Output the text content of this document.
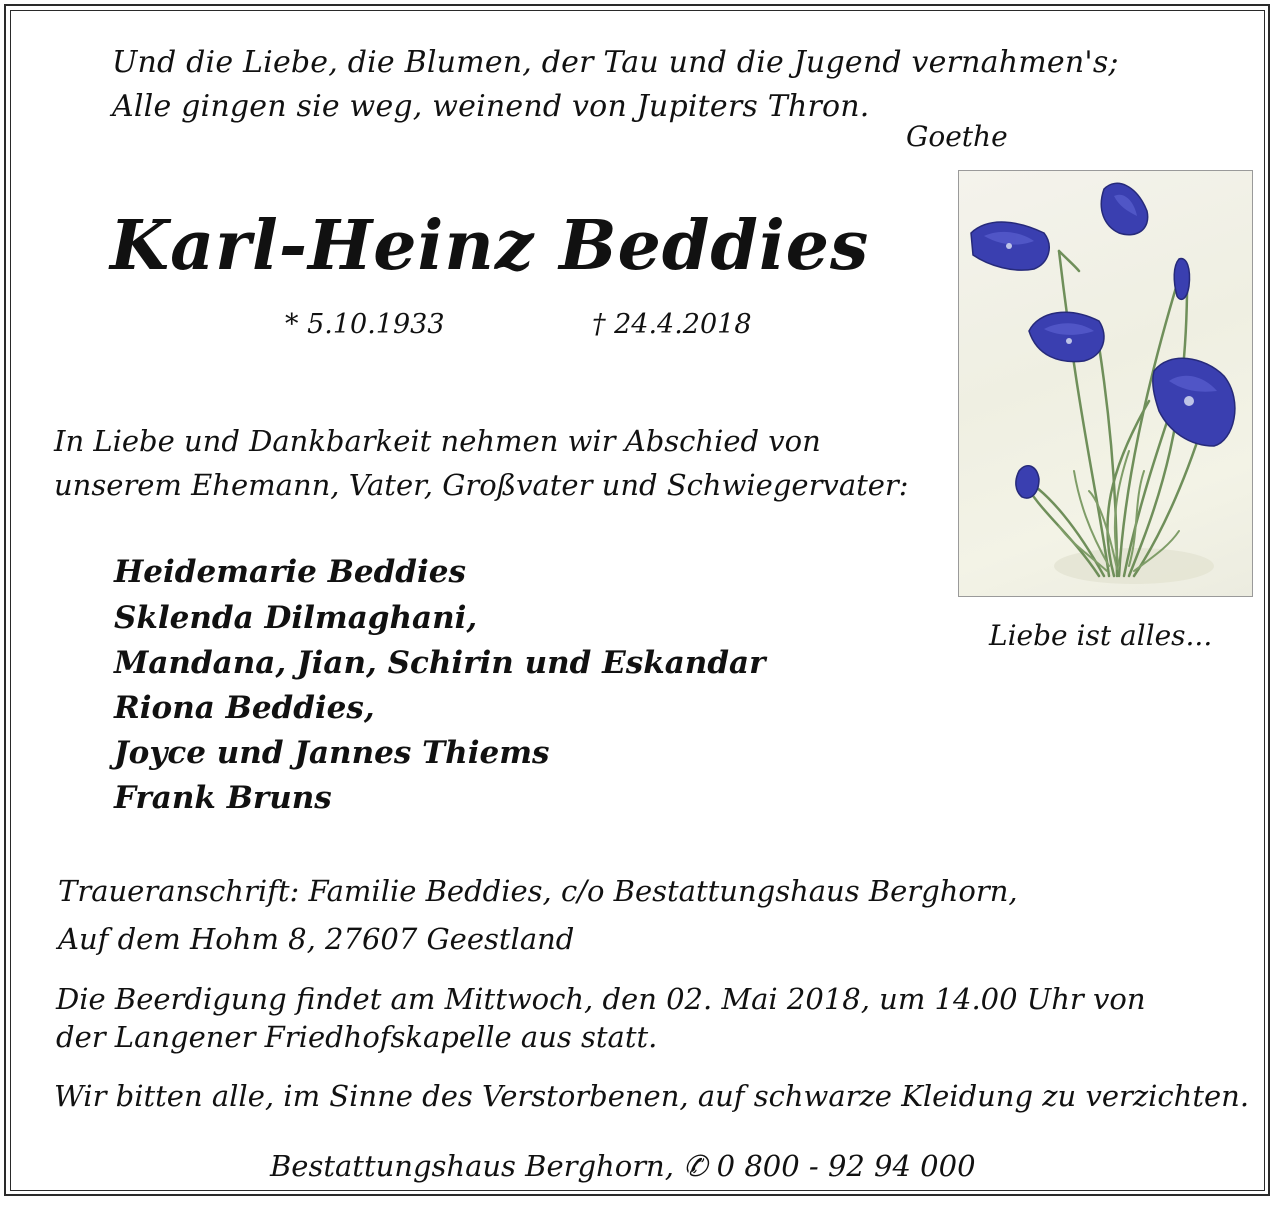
Und die Liebe, die Blumen, der Tau und die Jugend vernahmen's;
Alle gingen sie weg, weinend von Jupiters Thron.
Goethe
Karl-Heinz Beddies
* 5.10.1933	† 24.4.2018
In Liebe und Dankbarkeit nehmen wir Abschied von
unserem Ehemann, Vater, Großvater und Schwiegervater:
Heidemarie Beddies
Sklenda Dilmaghani,
Mandana, Jian, Schirin und Eskandar
Riona Beddies,
Joyce und Jannes Thiems
Frank Bruns
Liebe ist alles...
Traueranschrift: Familie Beddies, c/o Bestattungshaus Berghorn,
Auf dem Hohm 8, 27607 Geestland
Die Beerdigung findet am Mittwoch, den 02. Mai 2018, um 14.00 Uhr von
der Langener Friedhofskapelle aus statt.
Wir bitten alle, im Sinne des Verstorbenen, auf schwarze Kleidung zu verzichten.
Bestattungshaus Berghorn, ✆ 0 800 - 92 94 000
